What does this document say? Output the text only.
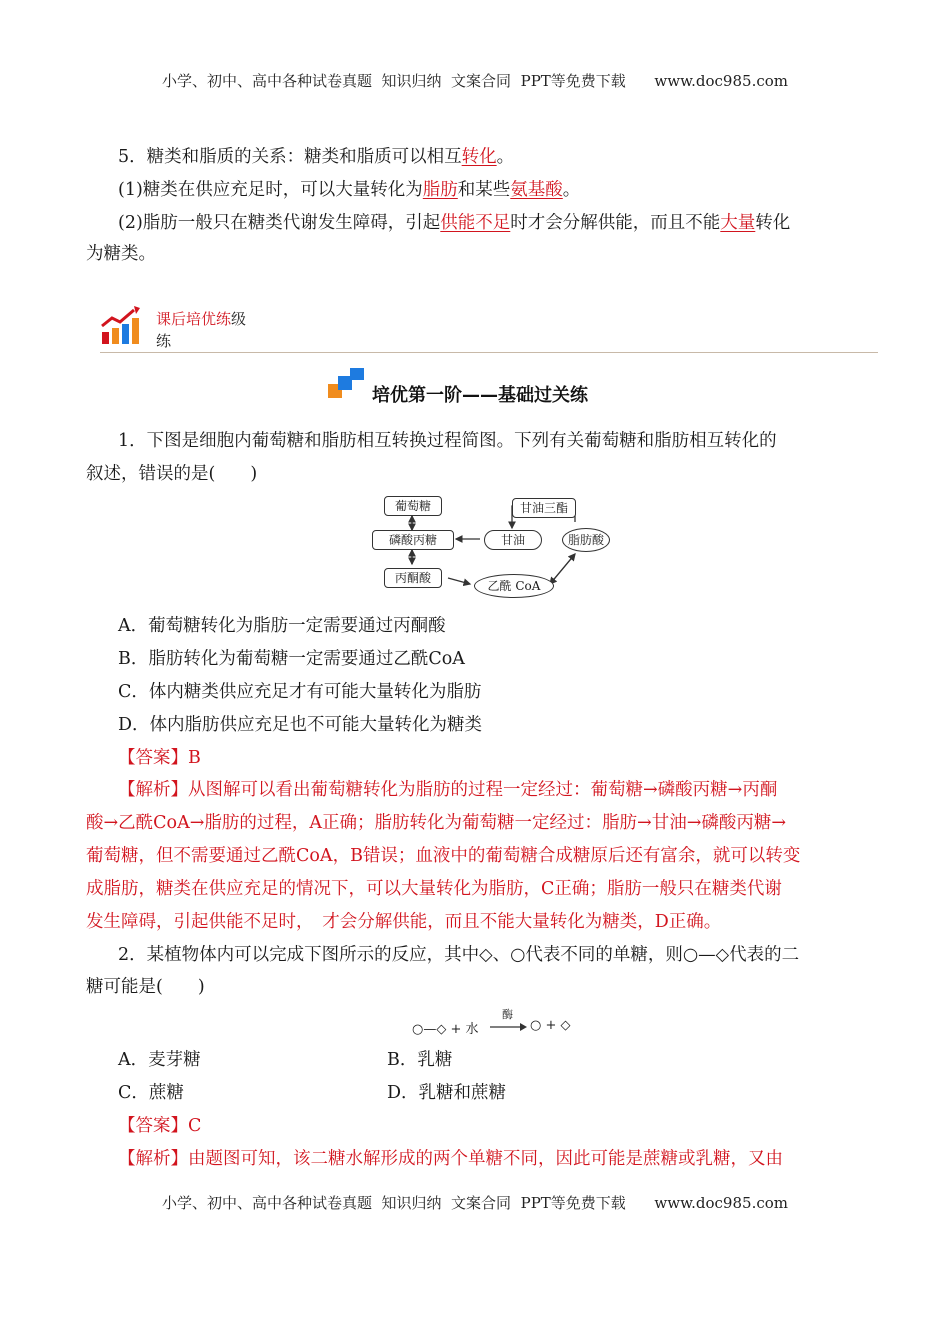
小学、初中、高中各种试卷真题  知识归纳  文案合同  PPT等免费下载      www.doc985.com
5．糖类和脂质的关系：糖类和脂质可以相互转化。
(1)糖类在供应充足时，可以大量转化为脂肪和某些氨基酸。
(2)脂肪一般只在糖类代谢发生障碍，引起供能不足时才会分解供能，而且不能大量转化
为糖类。
课后培优练级
练
培优第一阶——基础过关练
1．下图是细胞内葡萄糖和脂肪相互转换过程简图。下列有关葡萄糖和脂肪相互转化的
叙述，错误的是(　　)
葡萄糖
磷酸丙糖
丙酮酸
甘油三酯
甘油	脂肪酸
乙酰 CoA
A．葡萄糖转化为脂肪一定需要通过丙酮酸
B．脂肪转化为葡萄糖一定需要通过乙酰CoA
C．体内糖类供应充足才有可能大量转化为脂肪
D．体内脂肪供应充足也不可能大量转化为糖类
【答案】B
【解析】从图解可以看出葡萄糖转化为脂肪的过程一定经过：葡萄糖→磷酸丙糖→丙酮
酸→乙酰CoA→脂肪的过程，A正确；脂肪转化为葡萄糖一定经过：脂肪→甘油→磷酸丙糖→
葡萄糖，但不需要通过乙酰CoA，B错误；血液中的葡萄糖合成糖原后还有富余，就可以转变
成脂肪，糖类在供应充足的情况下，可以大量转化为脂肪，C正确；脂肪一般只在糖类代谢
发生障碍，引起供能不足时，　才会分解供能，而且不能大量转化为糖类，D正确。
2．某植物体内可以完成下图所示的反应，其中◇、○代表不同的单糖，则○—◇代表的二
糖可能是(　　)
○—◇ + 水
酶
→ ○ + ◇
A．麦芽糖	B．乳糖
C．蔗糖	D．乳糖和蔗糖
【答案】C
【解析】由题图可知，该二糖水解形成的两个单糖不同，因此可能是蔗糖或乳糖，又由
小学、初中、高中各种试卷真题  知识归纳  文案合同  PPT等免费下载      www.doc985.com
